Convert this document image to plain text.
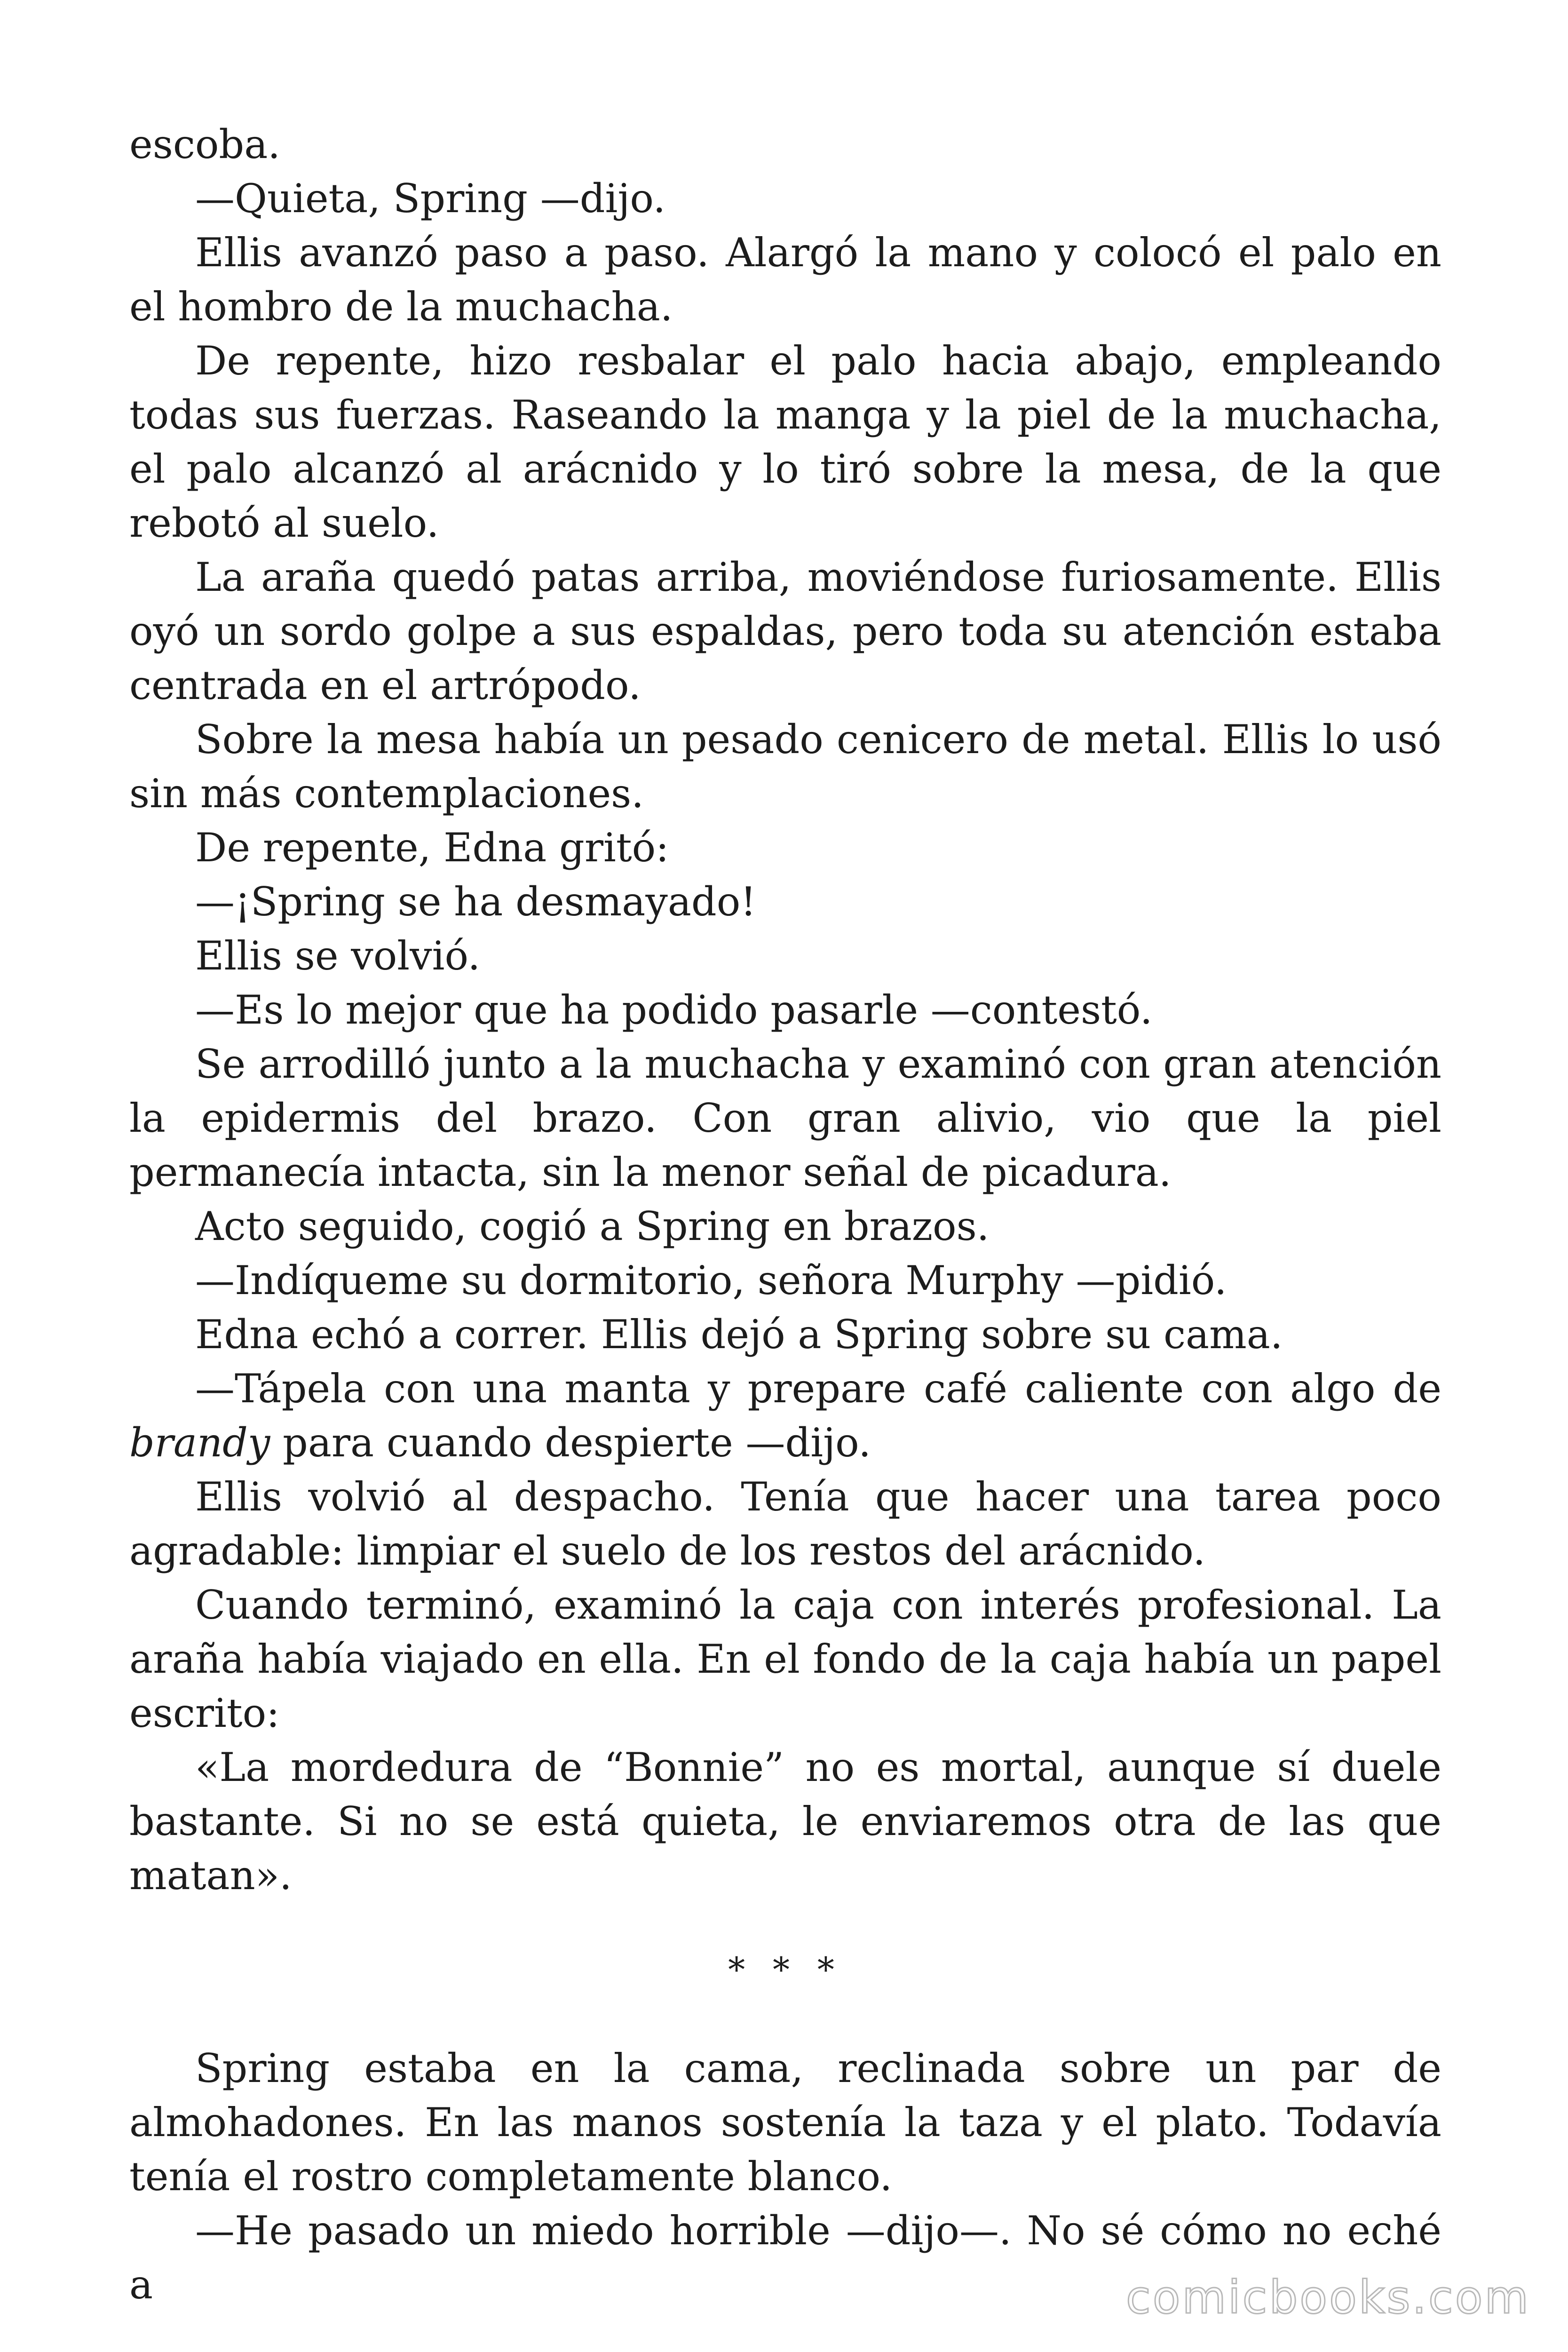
escoba.

—Quieta, Spring —dijo.

Ellis avanzó paso a paso. Alargó la mano y colocó el palo en el hombro de la muchacha.

De repente, hizo resbalar el palo hacia abajo, empleando todas sus fuerzas. Raseando la manga y la piel de la muchacha, el palo alcanzó al arácnido y lo tiró sobre la mesa, de la que rebotó al suelo.

La araña quedó patas arriba, moviéndose furiosamente. Ellis oyó un sordo golpe a sus espaldas, pero toda su atención estaba centrada en el artrópodo.

Sobre la mesa había un pesado cenicero de metal. Ellis lo usó sin más contemplaciones.

De repente, Edna gritó:

—¡Spring se ha desmayado!

Ellis se volvió.

—Es lo mejor que ha podido pasarle —contestó.

Se arrodilló junto a la muchacha y examinó con gran atención la epidermis del brazo. Con gran alivio, vio que la piel permanecía intacta, sin la menor señal de picadura.

Acto seguido, cogió a Spring en brazos.

—Indíqueme su dormitorio, señora Murphy —pidió.

Edna echó a correr. Ellis dejó a Spring sobre su cama.

—Tápela con una manta y prepare café caliente con algo de brandy para cuando despierte —dijo.

Ellis volvió al despacho. Tenía que hacer una tarea poco agradable: limpiar el suelo de los restos del arácnido.

Cuando terminó, examinó la caja con interés profesional. La araña había viajado en ella. En el fondo de la caja había un papel escrito:

«La mordedura de “Bonnie” no es mortal, aunque sí duele bastante. Si no se está quieta, le enviaremos otra de las que matan».

* * *

Spring estaba en la cama, reclinada sobre un par de almohadones. En las manos sostenía la taza y el plato. Todavía tenía el rostro completamente blanco.

—He pasado un miedo horrible —dijo—. No sé cómo no eché a	comicbooks.com
